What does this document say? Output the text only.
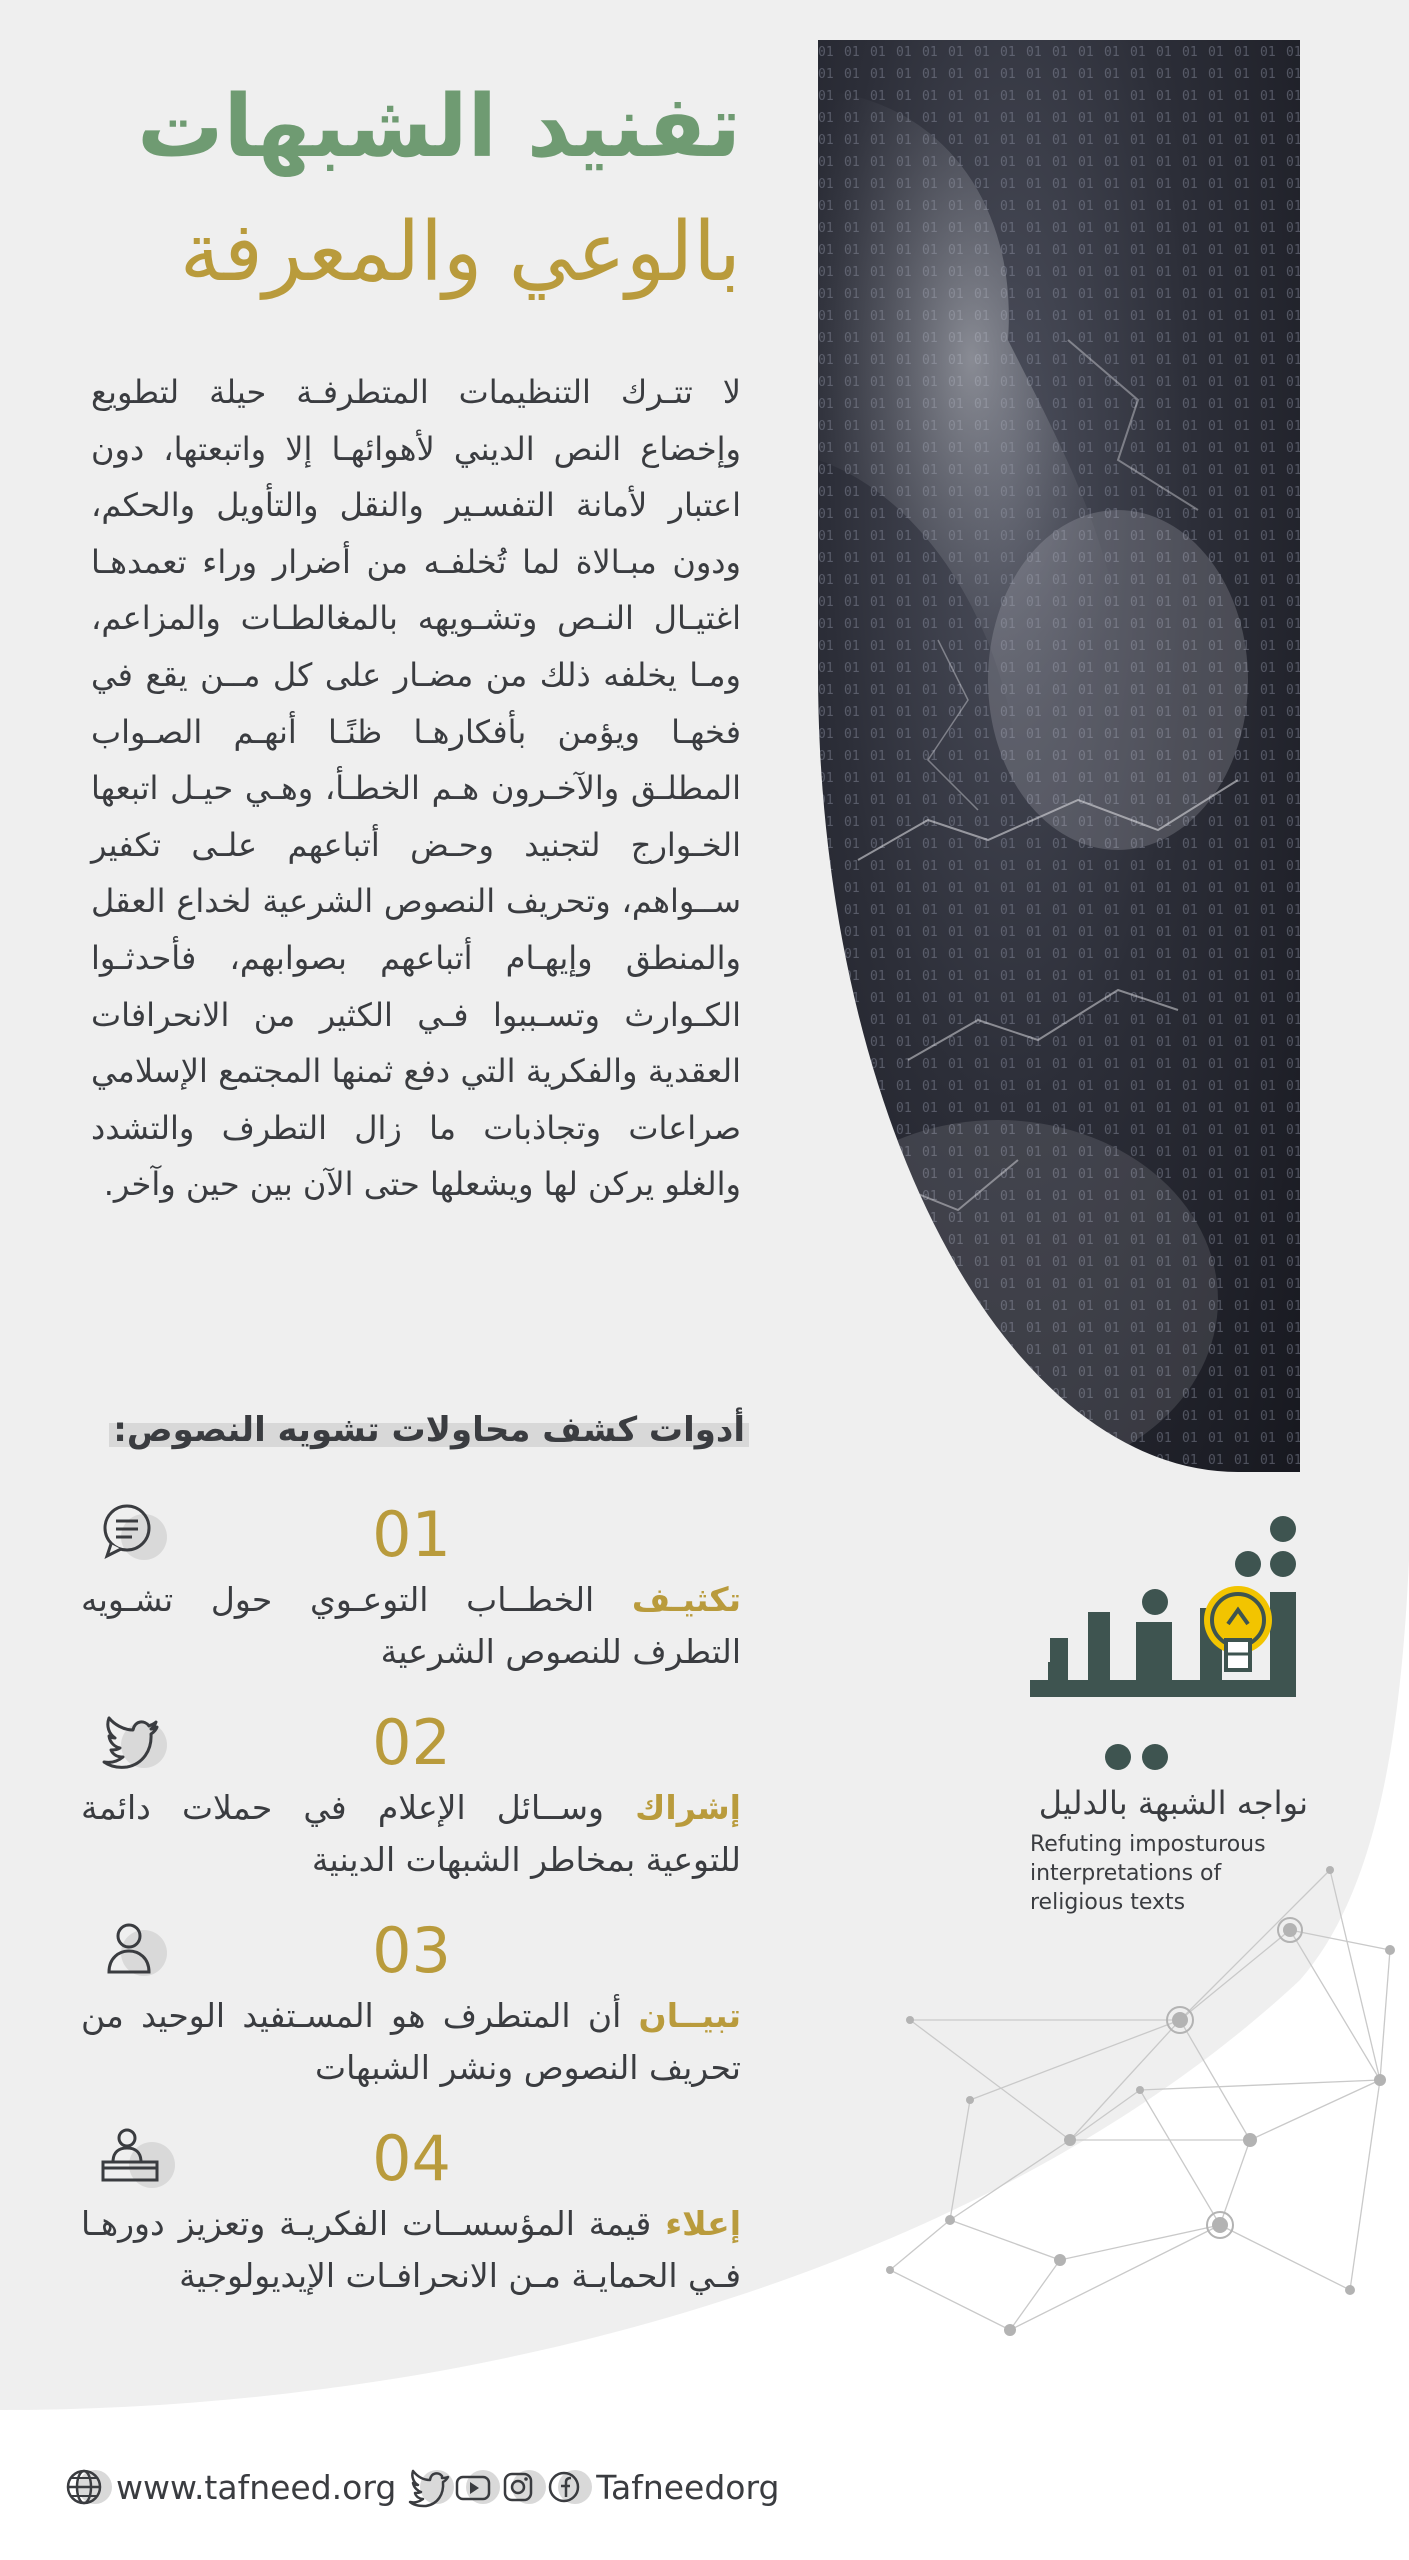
تفنيد الشبهات
بالوعي والمعرفة
لا تتـرك التنظيمات المتطرفـة حيلة لتطويع وإخضاع النص الديني لأهوائهـا إلا واتبعتها، دون اعتبار لأمانة التفسـير والنقل والتأويل والحكم، ودون مبـالاة لما تُخلفـه من أضرار وراء تعمدهـا اغتيـال النـص وتشـويهه بالمغالطـات والمزاعم، ومـا يخلفه ذلك من مضـار على كل مــن يقع في فخهـا ويؤمن بأفكارهـا ظنًـا أنهـم الصـواب المطلـق والآخـرون هـم الخطـأ، وهـي حيـل اتبعها الخـوارج لتجنيد وحـض أتباعهم علـى تكفير ســواهم، وتحريف النصوص الشرعية لخداع العقل والمنطق وإيهـام أتباعهم بصوابهم، فأحدثـوا الكـوارث وتسـببوا فـي الكثير من الانحرافات العقدية والفكرية التي دفع ثمنها المجتمع الإسلامي صراعات وتجاذبات ما زال التطرف والتشدد والغلو يركن لها ويشعلها حتى الآن بين حين وآخر.
أدوات كشف محاولات تشويه النصوص:
01
تكثيـف الخطــاب التوعـوي حول تشـويه التطرف للنصوص الشرعية
02
إشراك وســائل الإعلام في حملات دائمة للتوعية بمخاطر الشبهات الدينية
03
تبيــان أن المتطرف هو المسـتفيد الوحيد من تحريف النصوص ونشر الشبهات
04
إعلاء قيمة المؤسســات الفكريـة وتعزيز دورهـا فـي الحمايـة مـن الانحرافـات الإيديولوجية
نواجه الشبهة بالدليل
Refuting imposturous interpretations of religious texts
www.tafneed.org	Tafneedorg
